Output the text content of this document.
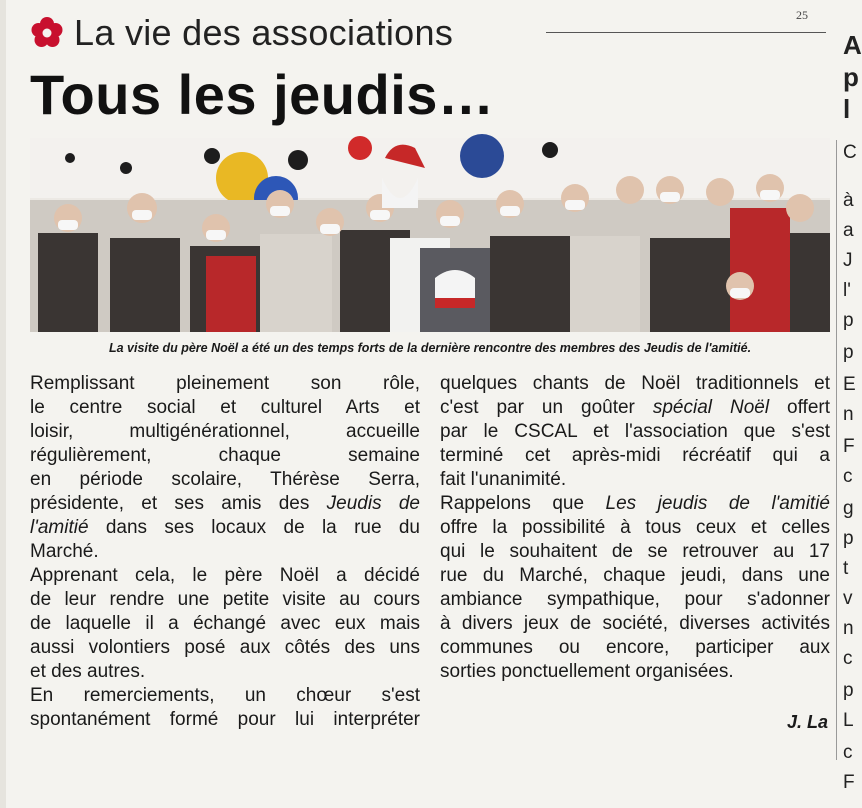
25
La vie des associations
Tous les jeudis…
La visite du père Noël a été un des temps forts de la dernière rencontre des membres des Jeudis de l'amitié.

Remplissant pleinement son rôle,
le centre social et culturel Arts et
loisir, multigénérationnel, accueille
régulièrement, chaque semaine
en période scolaire, Thérèse Serra,
présidente, et ses amis des Jeudis de
l'amitié dans ses locaux de la rue du

Marché.

Apprenant cela, le père Noël a décidé
de leur rendre une petite visite au cours
de laquelle il a échangé avec eux mais
aussi volontiers posé aux côtés des uns

et des autres.

En remerciements, un chœur s'est
spontanément formé pour lui interpréter

quelques chants de Noël traditionnels et
c'est par un goûter spécial Noël offert
par le CSCAL et l'association que s'est
terminé cet après-midi récréatif qui a

fait l'unanimité.

Rappelons que Les jeudis de l'amitié
offre la possibilité à tous ceux et celles
qui le souhaitent de se retrouver au 17
rue du Marché, chaque jeudi, dans une
ambiance sympathique, pour s'adonner
à divers jeux de société, diverses activités
communes ou encore, participer aux

sorties ponctuellement organisées.

J. La
A
p
l
C
à
a
J
l'
p
p
E
n
F
c
g
p
t
v
n
c
p
L
c
F
